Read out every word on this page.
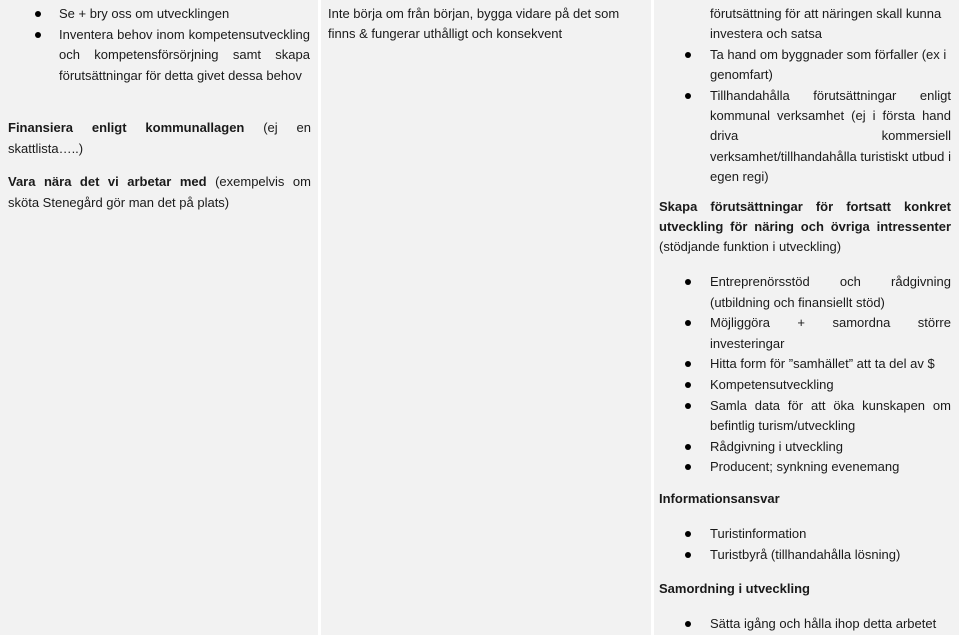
Se + bry oss om utvecklingen
Inventera behov inom kompetensutveckling och kompetensförsörjning samt skapa förutsättningar för detta givet dessa behov

Finansiera enligt kommunallagen (ej en skattlista…..)

Vara nära det vi arbetar med (exempelvis om sköta Stenegård gör man det på plats)

Inte börja om från början, bygga vidare på det som finns & fungerar uthålligt och konsekvent

förutsättning för att näringen skall kunna investera och satsa
Ta hand om byggnader som förfaller (ex i genomfart)
Tillhandahålla förutsättningar enligt kommunal verksamhet (ej i första hand driva kommersiell verksamhet/tillhandahålla turistiskt utbud i egen regi)

Skapa förutsättningar för fortsatt konkret utveckling för näring och övriga intressenter (stödjande funktion i utveckling)

Entreprenörsstöd och rådgivning (utbildning och finansiellt stöd)
Möjliggöra + samordna större investeringar
Hitta form för ”samhället” att ta del av $
Kompetensutveckling
Samla data för att öka kunskapen om befintlig turism/utveckling
Rådgivning i utveckling
Producent; synkning evenemang

Informationsansvar

Turistinformation
Turistbyrå (tillhandahålla lösning)

Samordning i utveckling

Sätta igång och hålla ihop detta arbetet
